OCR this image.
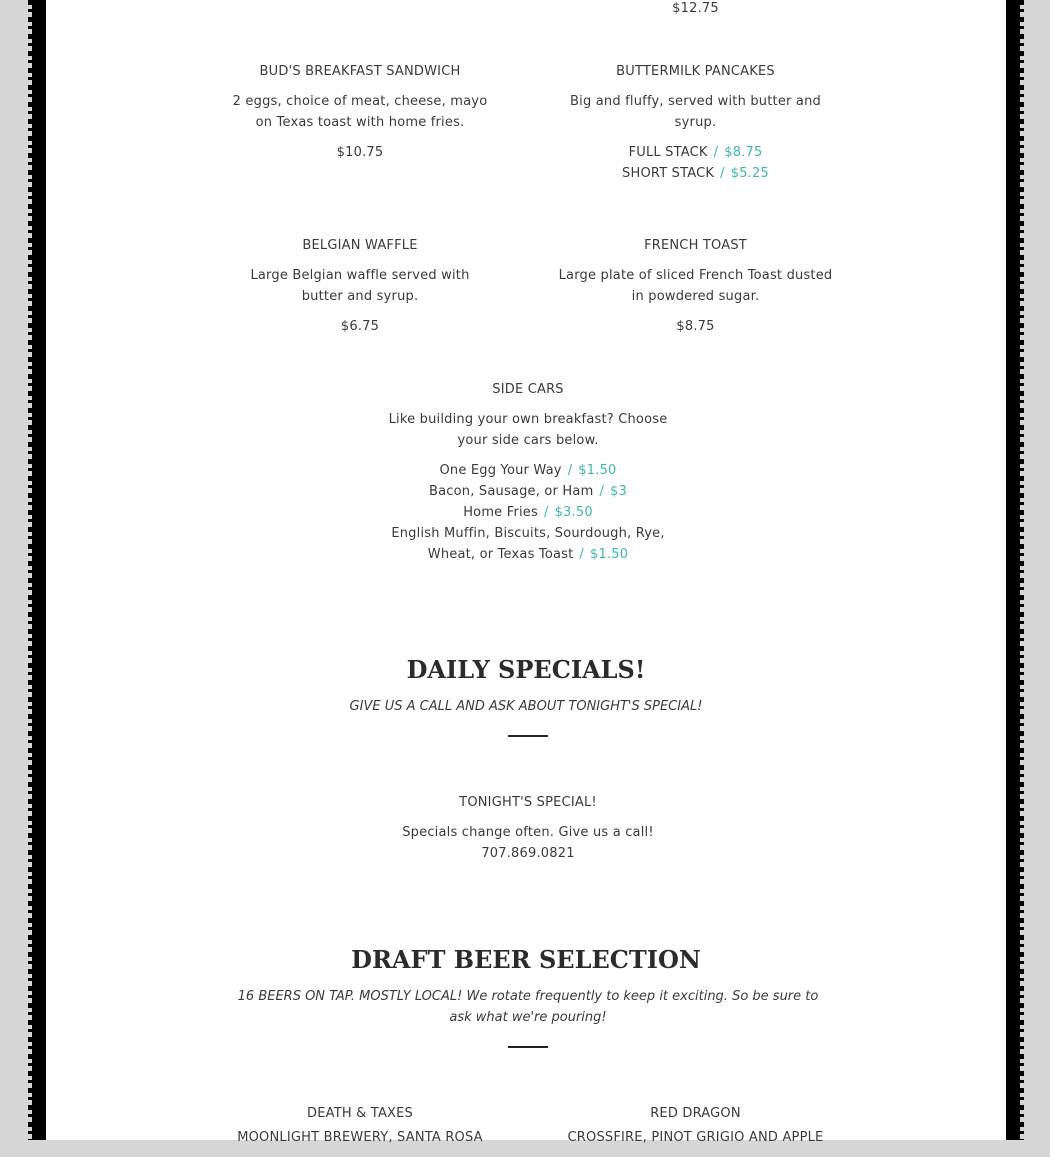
$12.75

BUD'S BREAKFAST SANDWICH

2 eggs, choice of meat, cheese, mayo on Texas toast with home fries.

$10.75

BUTTERMILK PANCAKES

Big and fluffy, served with butter and syrup.

FULL STACK / $8.75

SHORT STACK / $5.25

BELGIAN WAFFLE

Large Belgian waffle served with butter and syrup.

$6.75

FRENCH TOAST

Large plate of sliced French Toast dusted in powdered sugar.

$8.75

SIDE CARS

Like building your own breakfast? Choose your side cars below.

One Egg Your Way / $1.50

Bacon, Sausage, or Ham / $3

Home Fries / $3.50

English Muffin, Biscuits, Sourdough, Rye, Wheat, or Texas Toast / $1.50

DAILY SPECIALS!

GIVE US A CALL AND ASK ABOUT TONIGHT'S SPECIAL!

TONIGHT'S SPECIAL!

Specials change often. Give us a call!

707.869.0821

DRAFT BEER SELECTION

16 BEERS ON TAP. MOSTLY LOCAL! We rotate frequently to keep it exciting. So be sure to ask what we're pouring!

DEATH & TAXES

MOONLIGHT BREWERY, SANTA ROSA

RED DRAGON

CROSSFIRE, PINOT GRIGIO AND APPLE
